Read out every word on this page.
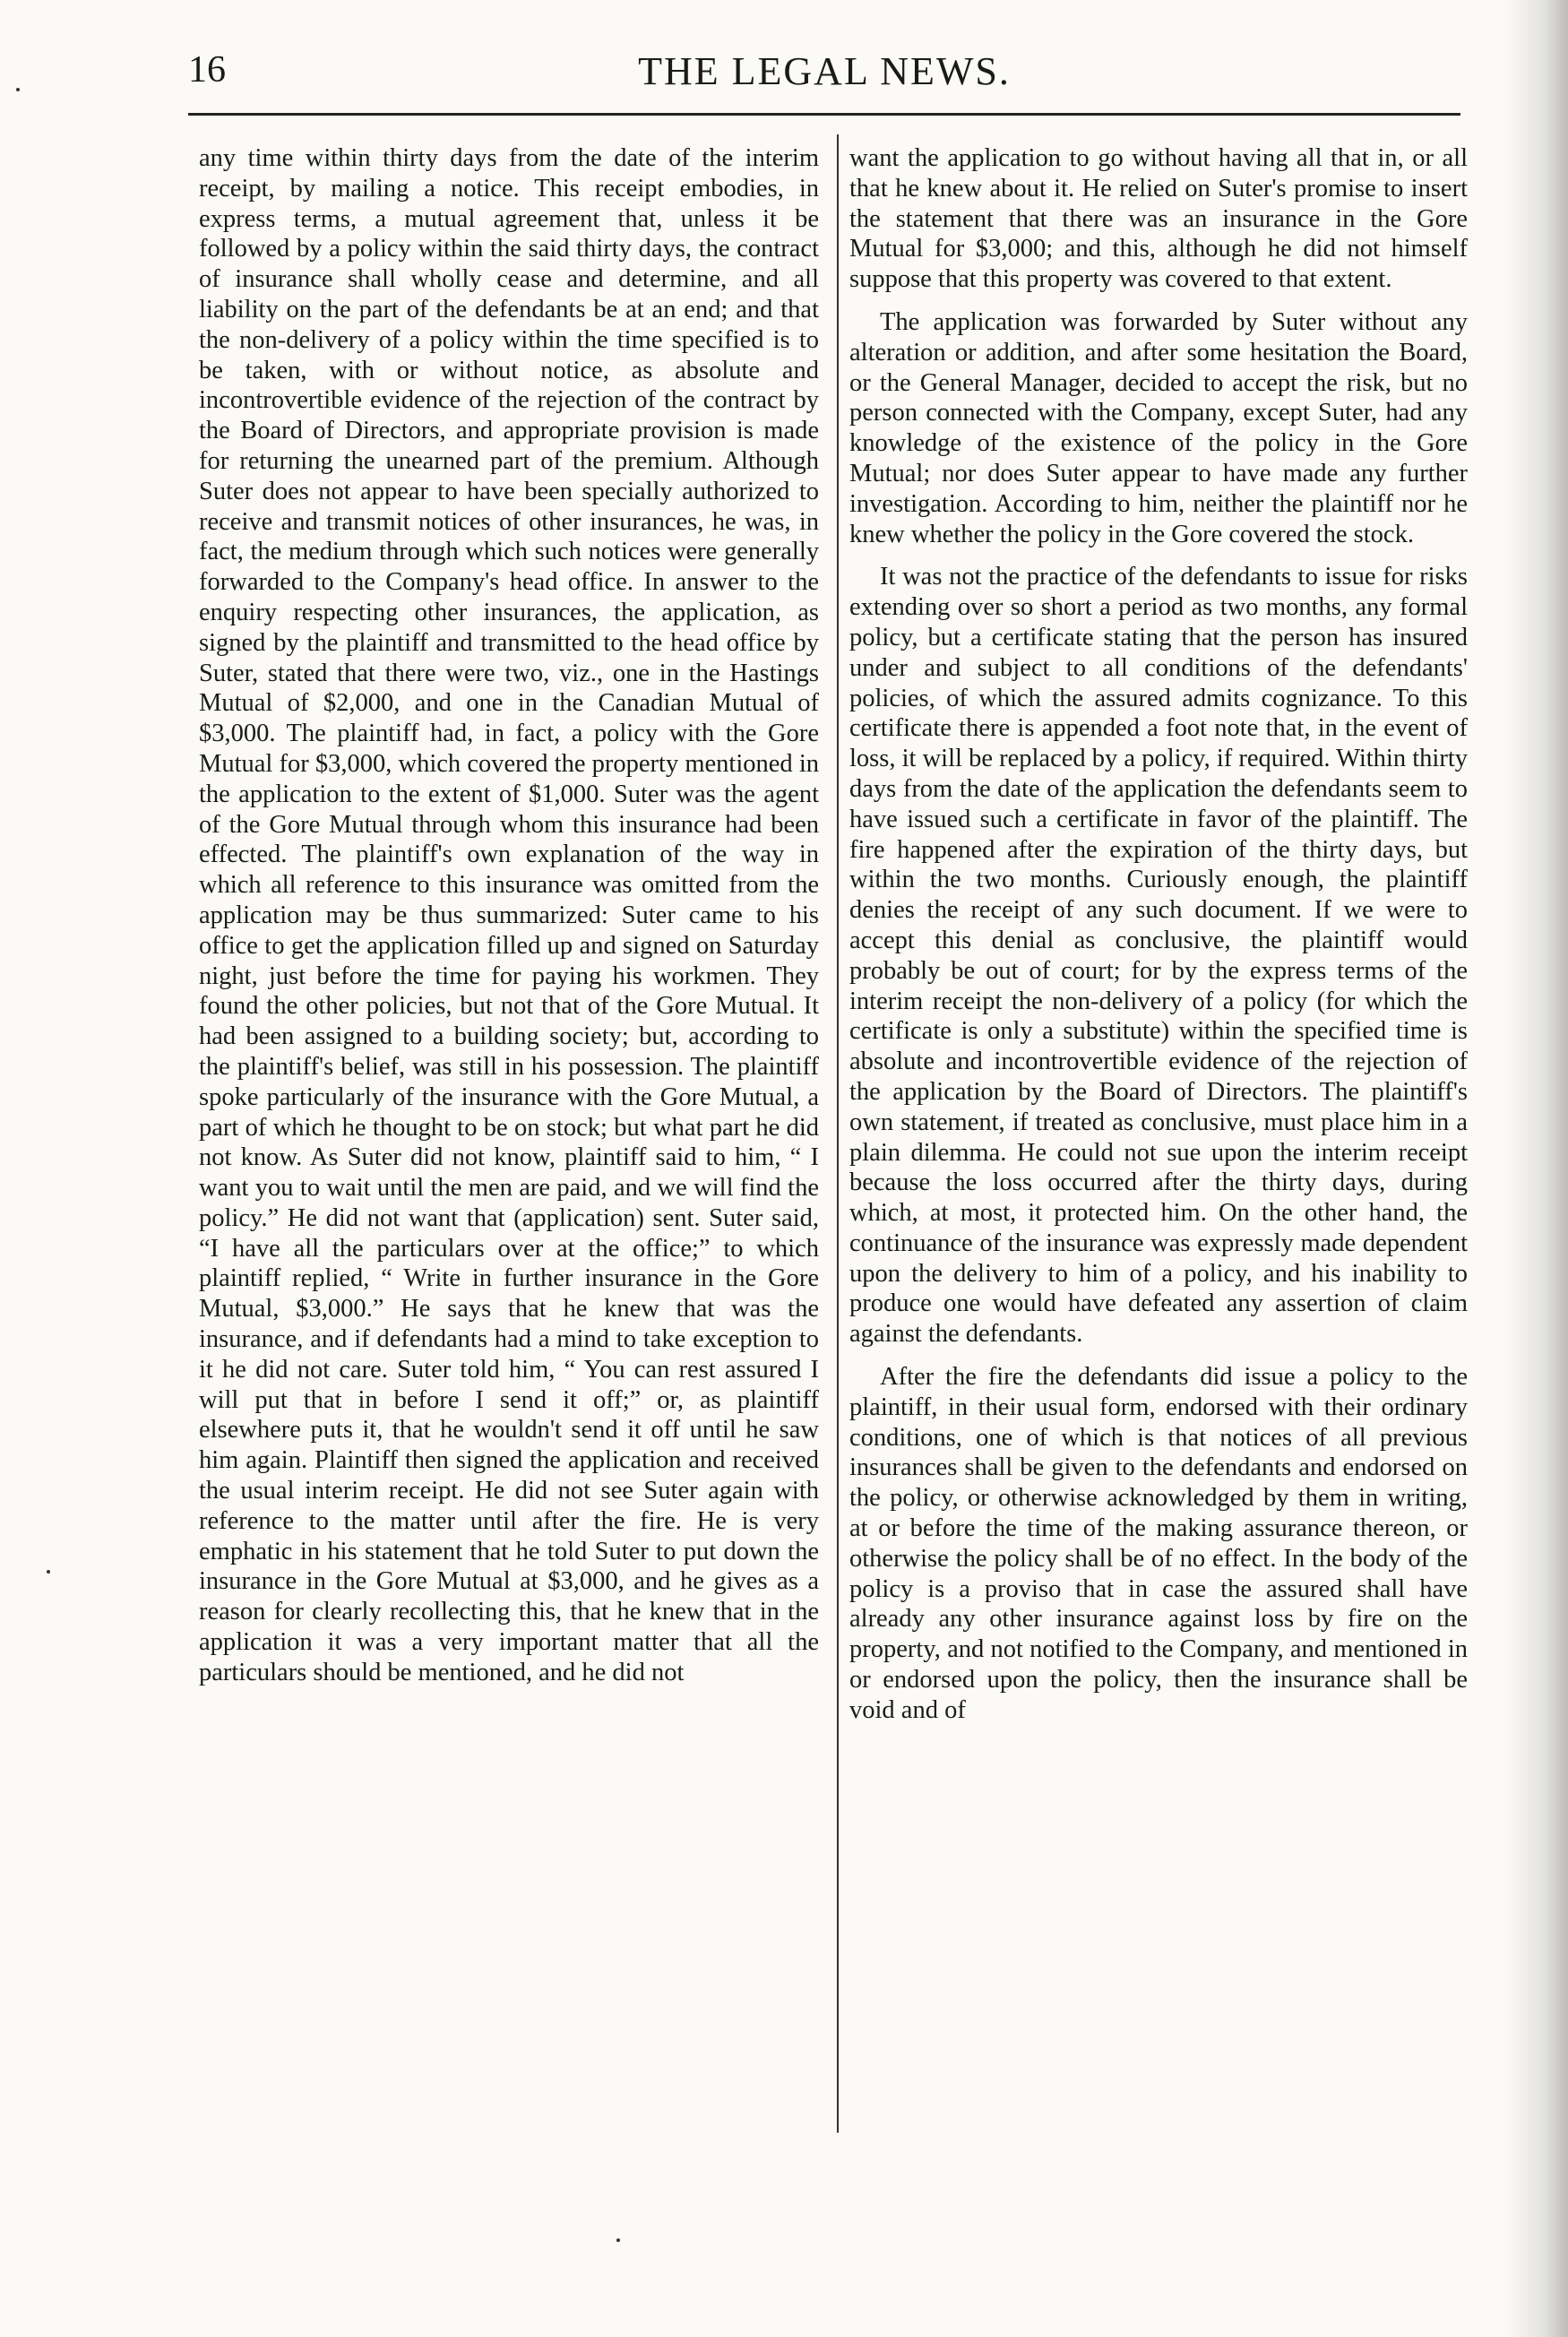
16	THE LEGAL NEWS.

any time within thirty days from the date of the interim receipt, by mailing a notice. This receipt embodies, in express terms, a mutual agreement that, unless it be followed by a policy within the said thirty days, the contract of insurance shall wholly cease and determine, and all liability on the part of the defendants be at an end; and that the non-delivery of a policy within the time specified is to be taken, with or without notice, as absolute and incontrovertible evidence of the rejection of the contract by the Board of Directors, and appropriate provision is made for returning the unearned part of the premium. Although Suter does not appear to have been specially authorized to receive and transmit notices of other insurances, he was, in fact, the medium through which such notices were generally forwarded to the Company's head office. In answer to the enquiry respecting other insurances, the application, as signed by the plaintiff and transmitted to the head office by Suter, stated that there were two, viz., one in the Hastings Mutual of $2,000, and one in the Canadian Mutual of $3,000. The plaintiff had, in fact, a policy with the Gore Mutual for $3,000, which covered the property mentioned in the application to the extent of $1,000. Suter was the agent of the Gore Mutual through whom this insurance had been effected. The plaintiff's own explanation of the way in which all reference to this insurance was omitted from the application may be thus summarized: Suter came to his office to get the application filled up and signed on Saturday night, just before the time for paying his workmen. They found the other policies, but not that of the Gore Mutual. It had been assigned to a building society; but, according to the plaintiff's belief, was still in his possession. The plaintiff spoke particularly of the insurance with the Gore Mutual, a part of which he thought to be on stock; but what part he did not know. As Suter did not know, plaintiff said to him, “ I want you to wait until the men are paid, and we will find the policy.” He did not want that (application) sent. Suter said, “I have all the particulars over at the office;” to which plaintiff replied, “ Write in further insurance in the Gore Mutual, $3,000.” He says that he knew that was the insurance, and if defendants had a mind to take exception to it he did not care. Suter told him, “ You can rest assured I will put that in before I send it off;” or, as plaintiff elsewhere puts it, that he wouldn't send it off until he saw him again. Plaintiff then signed the application and received the usual interim receipt. He did not see Suter again with reference to the matter until after the fire. He is very emphatic in his statement that he told Suter to put down the insurance in the Gore Mutual at $3,000, and he gives as a reason for clearly recollecting this, that he knew that in the application it was a very important matter that all the particulars should be mentioned, and he did not

want the application to go without having all that in, or all that he knew about it. He relied on Suter's promise to insert the statement that there was an insurance in the Gore Mutual for $3,000; and this, although he did not himself suppose that this property was covered to that extent.

The application was forwarded by Suter without any alteration or addition, and after some hesitation the Board, or the General Manager, decided to accept the risk, but no person connected with the Company, except Suter, had any knowledge of the existence of the policy in the Gore Mutual; nor does Suter appear to have made any further investigation. According to him, neither the plaintiff nor he knew whether the policy in the Gore covered the stock.

It was not the practice of the defendants to issue for risks extending over so short a period as two months, any formal policy, but a certificate stating that the person has insured under and subject to all conditions of the defendants' policies, of which the assured admits cognizance. To this certificate there is appended a foot note that, in the event of loss, it will be replaced by a policy, if required. Within thirty days from the date of the application the defendants seem to have issued such a certificate in favor of the plaintiff. The fire happened after the expiration of the thirty days, but within the two months. Curiously enough, the plaintiff denies the receipt of any such document. If we were to accept this denial as conclusive, the plaintiff would probably be out of court; for by the express terms of the interim receipt the non-delivery of a policy (for which the certificate is only a substitute) within the specified time is absolute and incontrovertible evidence of the rejection of the application by the Board of Directors. The plaintiff's own statement, if treated as conclusive, must place him in a plain dilemma. He could not sue upon the interim receipt because the loss occurred after the thirty days, during which, at most, it protected him. On the other hand, the continuance of the insurance was expressly made dependent upon the delivery to him of a policy, and his inability to produce one would have defeated any assertion of claim against the defendants.

After the fire the defendants did issue a policy to the plaintiff, in their usual form, endorsed with their ordinary conditions, one of which is that notices of all previous insurances shall be given to the defendants and endorsed on the policy, or otherwise acknowledged by them in writing, at or before the time of the making assurance thereon, or otherwise the policy shall be of no effect. In the body of the policy is a proviso that in case the assured shall have already any other insurance against loss by fire on the property, and not notified to the Company, and mentioned in or endorsed upon the policy, then the insurance shall be void and of
